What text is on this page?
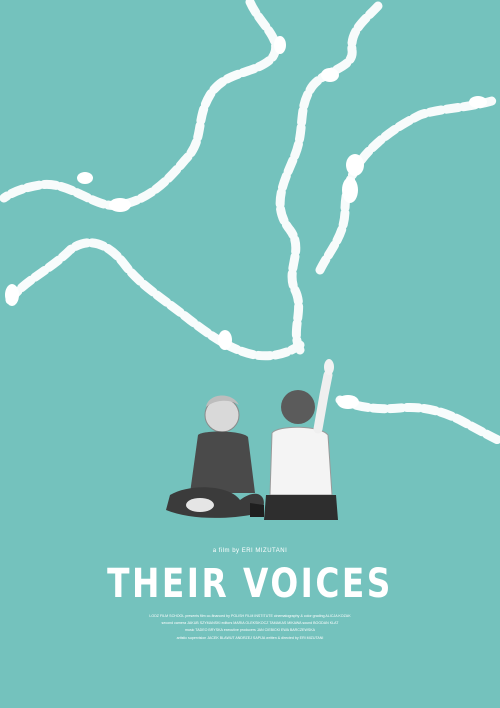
a film by ERI MIZUTANI
THEIR VOICES
LODZ FILM SCHOOL presents film co-financed by POLISH FILM INSTITUTE cinematography & color grading ALICJA KOZAK
second camera JAKUB SZYMANSKI editors MARIA OLEKSIKOCZ TAMAKAS MIKAWA sound BOGDAN KLAT
music TADEO BRYSKA executive producers JAN CIEBICKI EWA BARCZEWSKA
artistic supervision JACEK BLAWUT ANDRZEJ SAPIJA written & directed by ERI MIZUTANI
